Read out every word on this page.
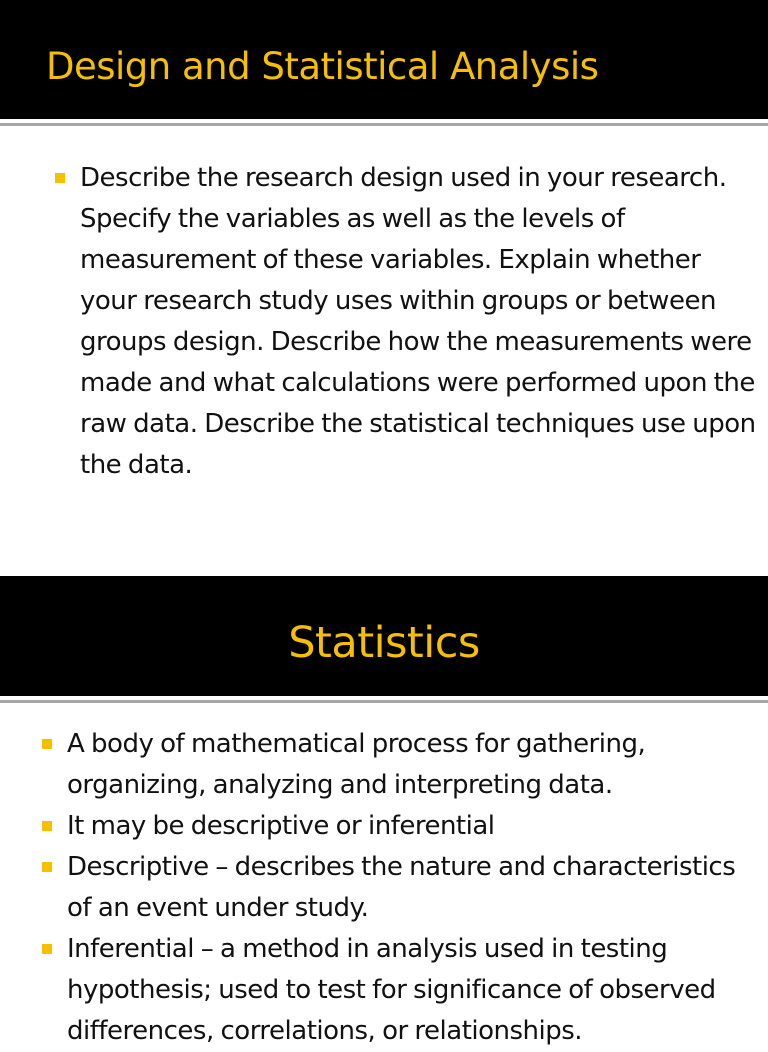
Design and Statistical Analysis
Describe the research design used in your research. Specify the variables as well as the levels of measurement of these variables. Explain whether your research study uses within groups or between groups design. Describe how the measurements were made and what calculations were performed upon the raw data. Describe the statistical techniques use upon the data.
Statistics
A body of mathematical process for gathering, organizing, analyzing and interpreting data.
It may be descriptive or inferential
Descriptive – describes the nature and characteristics of an event under study.
Inferential – a method in analysis used in testing hypothesis; used to test for significance of observed differences, correlations, or relationships.
